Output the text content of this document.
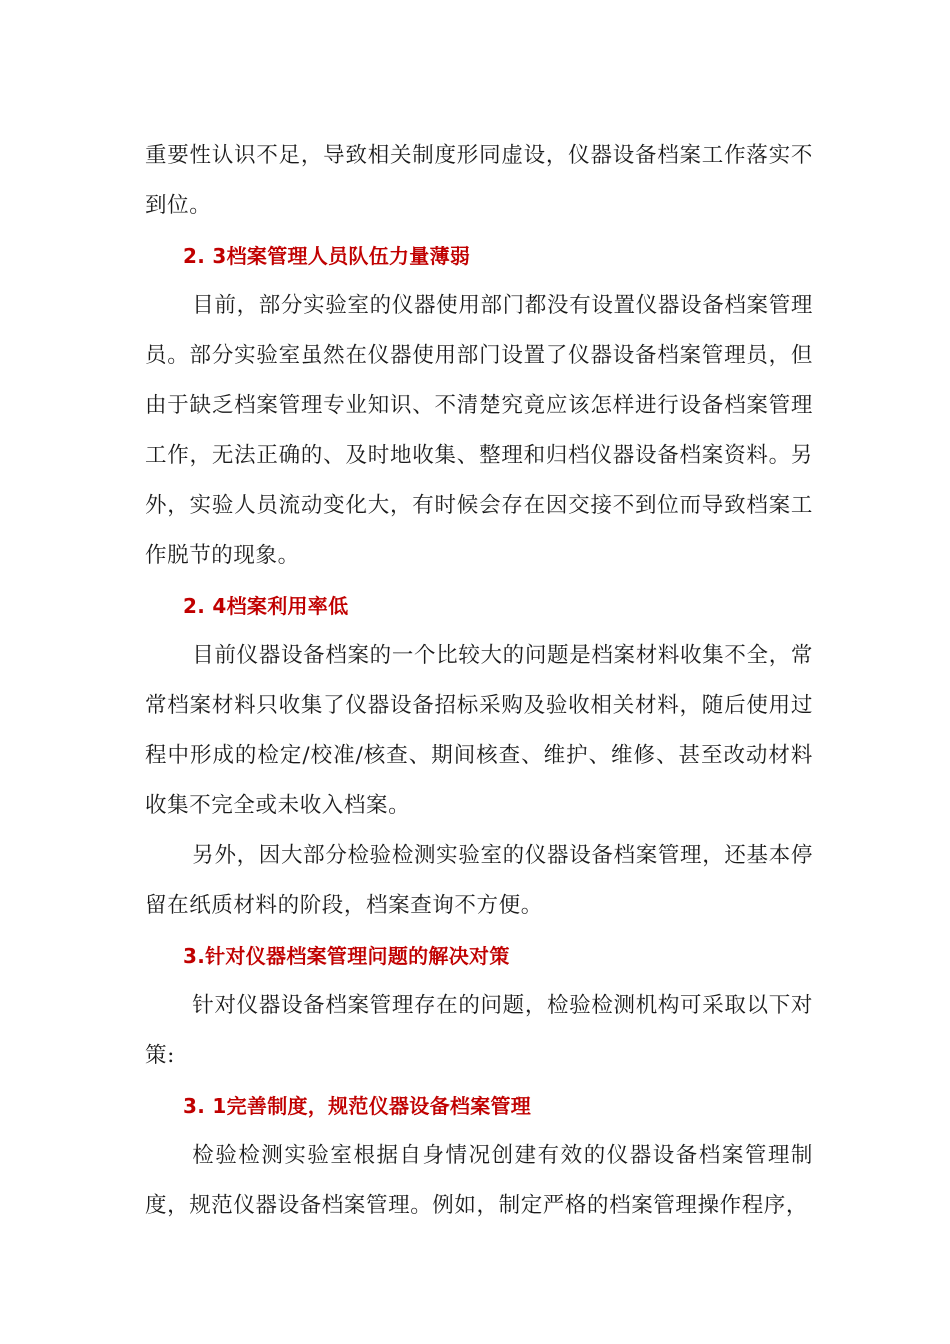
重要性认识不足，导致相关制度形同虚设，仪器设备档案工作落实不到位。

2. 3档案管理人员队伍力量薄弱

目前，部分实验室的仪器使用部门都没有设置仪器设备档案管理员。部分实验室虽然在仪器使用部门设置了仪器设备档案管理员，但由于缺乏档案管理专业知识、不清楚究竟应该怎样进行设备档案管理工作，无法正确的、及时地收集、整理和归档仪器设备档案资料。另外，实验人员流动变化大，有时候会存在因交接不到位而导致档案工作脱节的现象。

2. 4档案利用率低

目前仪器设备档案的一个比较大的问题是档案材料收集不全，常常档案材料只收集了仪器设备招标采购及验收相关材料，随后使用过程中形成的检定/校准/核查、期间核查、维护、维修、甚至改动材料收集不完全或未收入档案。

另外，因大部分检验检测实验室的仪器设备档案管理，还基本停留在纸质材料的阶段，档案查询不方便。

3.针对仪器档案管理问题的解决对策

针对仪器设备档案管理存在的问题，检验检测机构可采取以下对策:

3. 1完善制度，规范仪器设备档案管理

检验检测实验室根据自身情况创建有效的仪器设备档案管理制度，规范仪器设备档案管理。例如，制定严格的档案管理操作程序，
